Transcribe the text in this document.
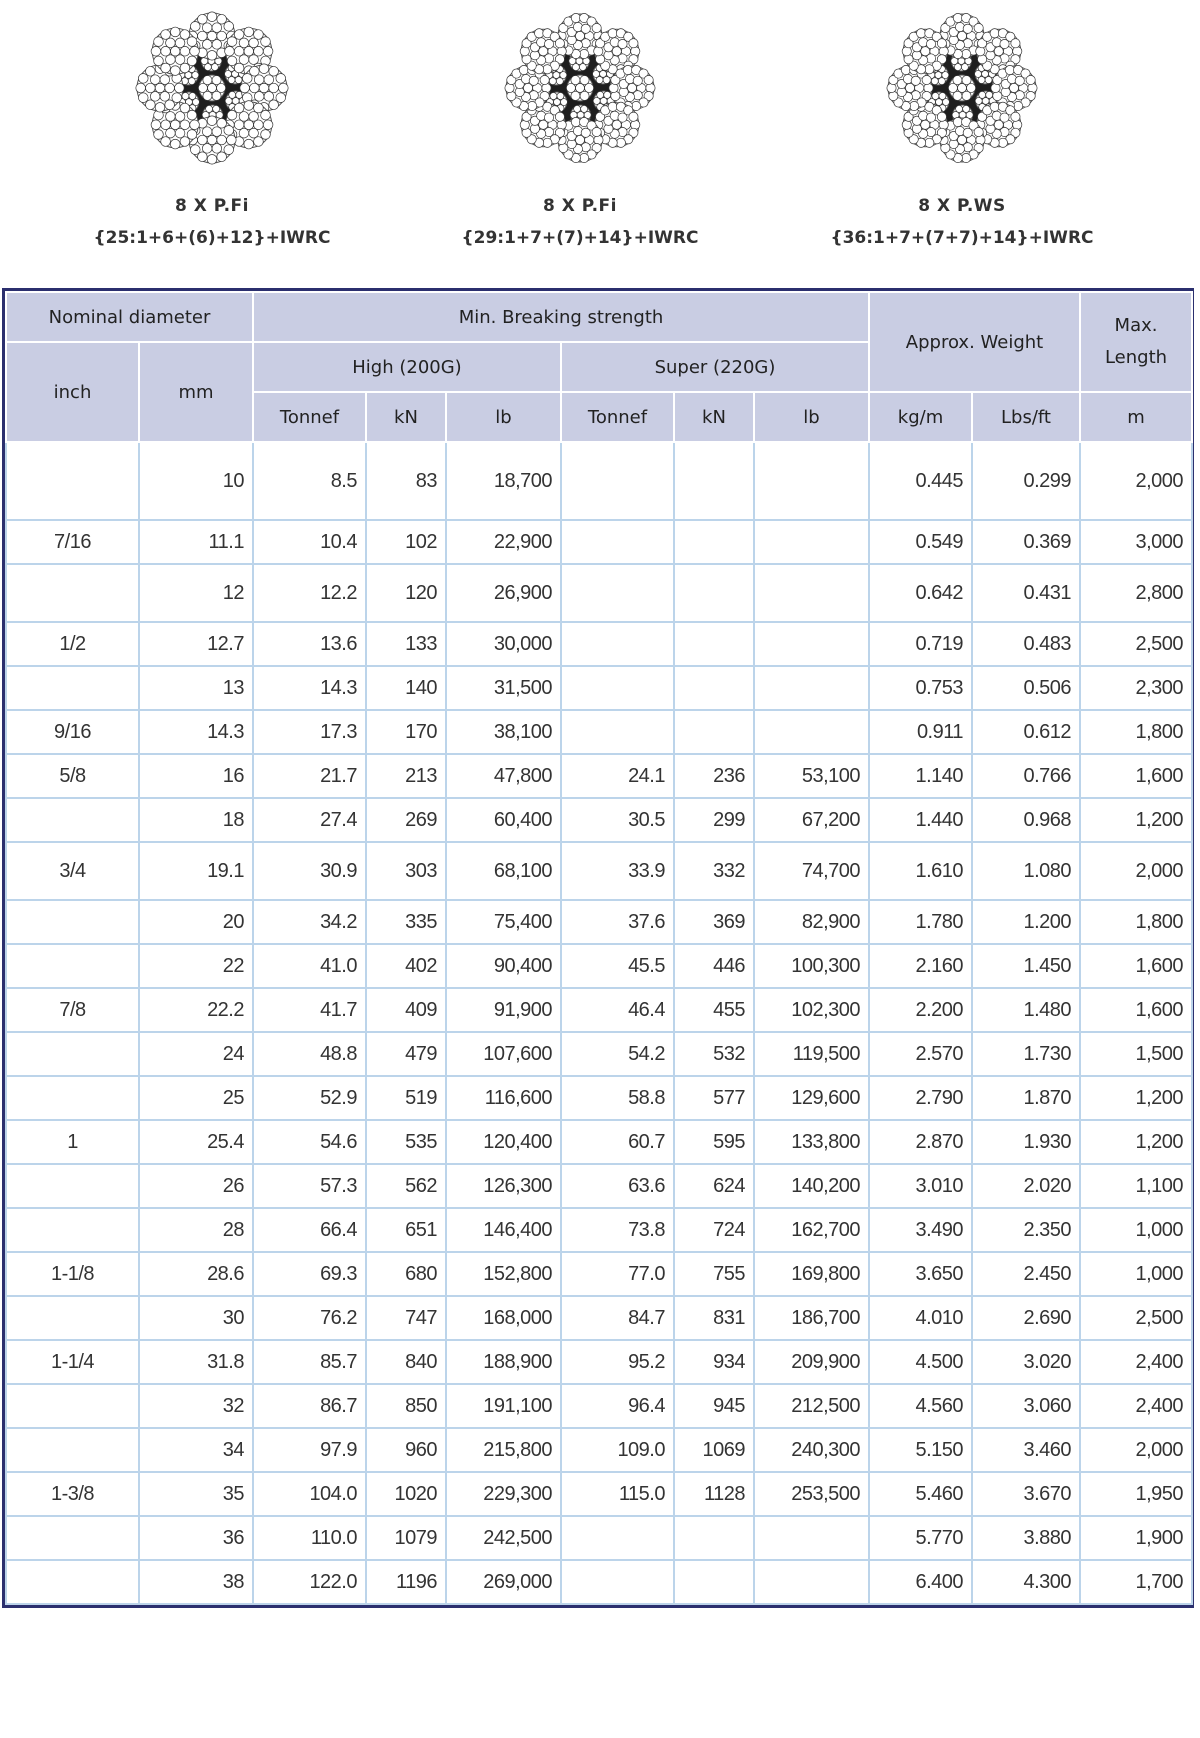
8 X P.Fi
{25:1+6+(6)+12}+IWRC
8 X P.Fi
{29:1+7+(7)+14}+IWRC
8 X P.WS
{36:1+7+(7+7)+14}+IWRC
Nominal diameter		Min. Breaking strength						Approx. Weight		Max. Length
inch	mm	High (200G)			Super (220G)					
		Tonnef	kN	lb	Tonnef	kN	lb	kg/m	Lbs/ft	m
	10	8.5	83	18,700				0.445	0.299	2,000
7/16	11.1	10.4	102	22,900				0.549	0.369	3,000
	12	12.2	120	26,900				0.642	0.431	2,800
1/2	12.7	13.6	133	30,000				0.719	0.483	2,500
	13	14.3	140	31,500				0.753	0.506	2,300
9/16	14.3	17.3	170	38,100				0.911	0.612	1,800
5/8	16	21.7	213	47,800	24.1	236	53,100	1.140	0.766	1,600
	18	27.4	269	60,400	30.5	299	67,200	1.440	0.968	1,200
3/4	19.1	30.9	303	68,100	33.9	332	74,700	1.610	1.080	2,000
	20	34.2	335	75,400	37.6	369	82,900	1.780	1.200	1,800
	22	41.0	402	90,400	45.5	446	100,300	2.160	1.450	1,600
7/8	22.2	41.7	409	91,900	46.4	455	102,300	2.200	1.480	1,600
	24	48.8	479	107,600	54.2	532	119,500	2.570	1.730	1,500
	25	52.9	519	116,600	58.8	577	129,600	2.790	1.870	1,200
1	25.4	54.6	535	120,400	60.7	595	133,800	2.870	1.930	1,200
	26	57.3	562	126,300	63.6	624	140,200	3.010	2.020	1,100
	28	66.4	651	146,400	73.8	724	162,700	3.490	2.350	1,000
1-1/8	28.6	69.3	680	152,800	77.0	755	169,800	3.650	2.450	1,000
	30	76.2	747	168,000	84.7	831	186,700	4.010	2.690	2,500
1-1/4	31.8	85.7	840	188,900	95.2	934	209,900	4.500	3.020	2,400
	32	86.7	850	191,100	96.4	945	212,500	4.560	3.060	2,400
	34	97.9	960	215,800	109.0	1069	240,300	5.150	3.460	2,000
1-3/8	35	104.0	1020	229,300	115.0	1128	253,500	5.460	3.670	1,950
	36	110.0	1079	242,500				5.770	3.880	1,900
	38	122.0	1196	269,000				6.400	4.300	1,700
